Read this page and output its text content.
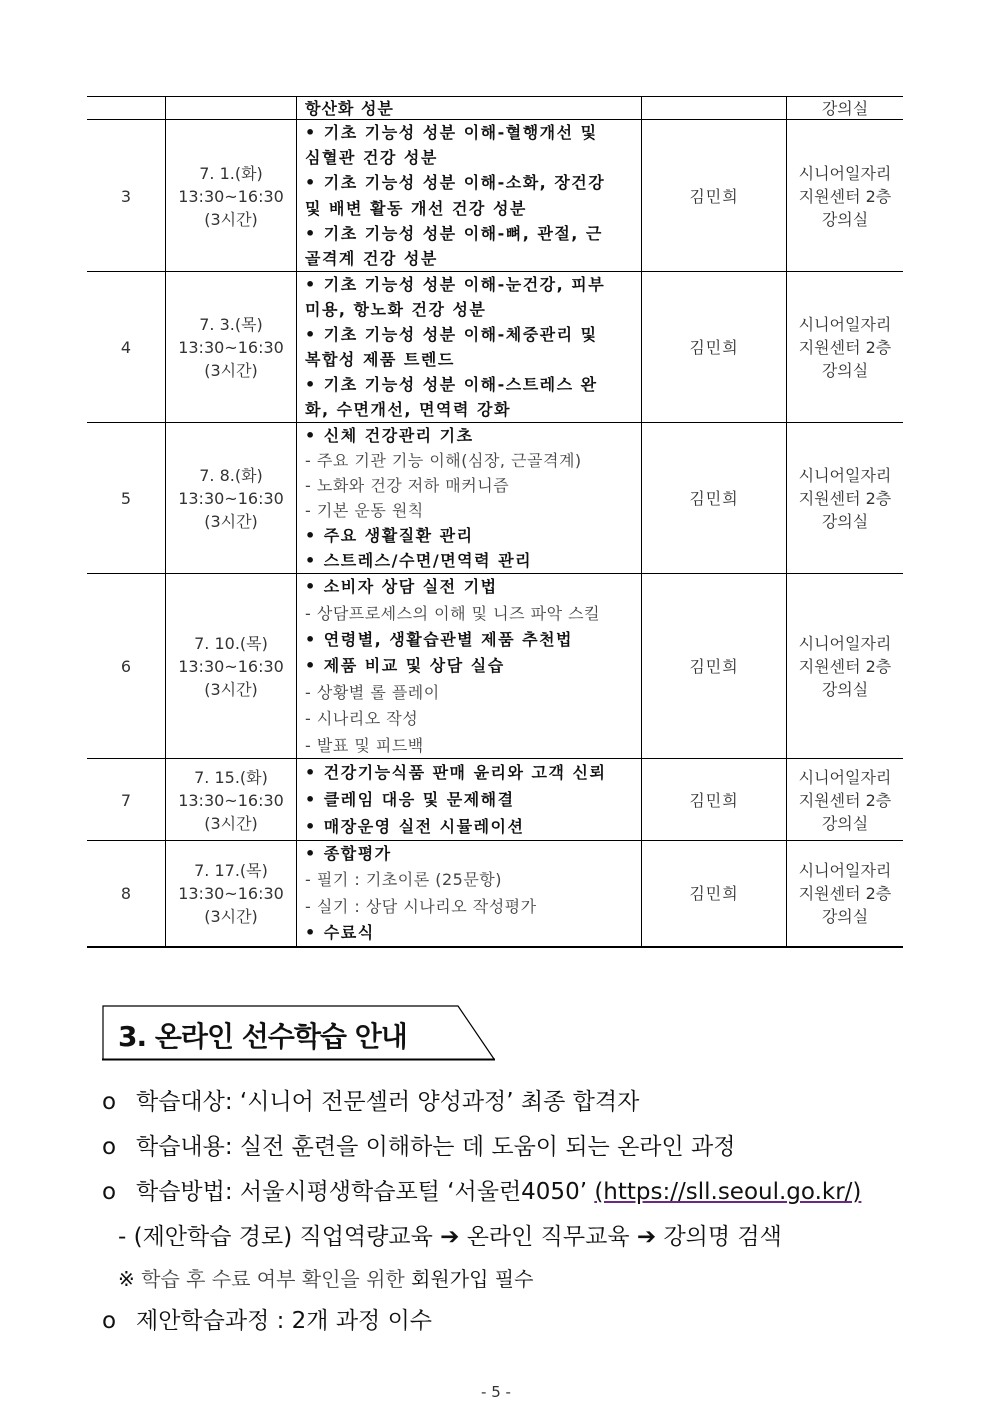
항산화 성분	강의실
3
7. 1.(화)
13:30~16:30
(3시간)
• 기초 기능성 성분 이해-혈행개선 및
심혈관 건강 성분
• 기초 기능성 성분 이해-소화, 장건강
및 배변 활동 개선 건강 성분
• 기초 기능성 성분 이해-뼈, 관절, 근
골격계 건강 성분
김민희
시니어일자리
지원센터 2층
강의실
4
7. 3.(목)
13:30~16:30
(3시간)
• 기초 기능성 성분 이해-눈건강, 피부
미용, 항노화 건강 성분
• 기초 기능성 성분 이해-체중관리 및
복합성 제품 트렌드
• 기초 기능성 성분 이해-스트레스 완
화, 수면개선, 면역력 강화
김민희
시니어일자리
지원센터 2층
강의실
5
7. 8.(화)
13:30~16:30
(3시간)
• 신체 건강관리 기초
- 주요 기관 기능 이해(심장, 근골격계)
- 노화와 건강 저하 매커니즘
- 기본 운동 원칙
• 주요 생활질환 관리
• 스트레스/수면/면역력 관리
김민희
시니어일자리
지원센터 2층
강의실
6
7. 10.(목)
13:30~16:30
(3시간)
• 소비자 상담 실전 기법
- 상담프로세스의 이해 및 니즈 파악 스킬
• 연령별, 생활습관별 제품 추천법
• 제품 비교 및 상담 실습
- 상황별 롤 플레이
- 시나리오 작성
- 발표 및 피드백
김민희
시니어일자리
지원센터 2층
강의실
7
7. 15.(화)
13:30~16:30
(3시간)
• 건강기능식품 판매 윤리와 고객 신뢰
• 클레임 대응 및 문제해결
• 매장운영 실전 시뮬레이션
김민희
시니어일자리
지원센터 2층
강의실
8
7. 17.(목)
13:30~16:30
(3시간)
• 종합평가
- 필기 : 기초이론 (25문항)
- 실기 : 상담 시나리오 작성평가
• 수료식
김민희
시니어일자리
지원센터 2층
강의실
3. 온라인 선수학습 안내
o 학습대상: ‘시니어 전문셀러 양성과정’ 최종 합격자
o 학습내용: 실전 훈련을 이해하는 데 도움이 되는 온라인 과정
o 학습방법: 서울시평생학습포털 ‘서울런4050’ (https://sll.seoul.go.kr/)
- (제안학습 경로) 직업역량교육 ➔ 온라인 직무교육 ➔ 강의명 검색
※ 학습 후 수료 여부 확인을 위한 회원가입 필수
o 제안학습과정 : 2개 과정 이수
- 5 -
